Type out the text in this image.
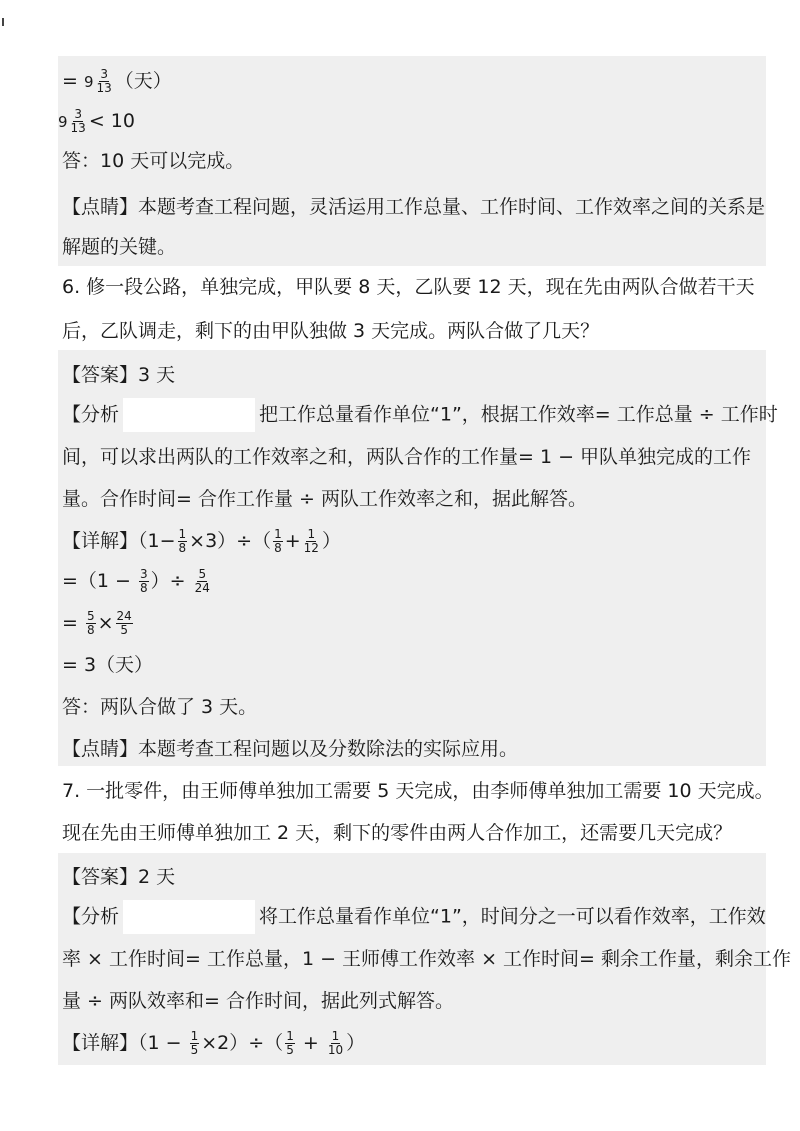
= $9 \frac{3}{13}$ （天）
$9 \frac{3}{13} < 10$
答：10 天可以完成。
【点睛】本题考查工程问题，灵活运用工作总量、工作时间、工作效率之间的关系是
解题的关键。
6. 修一段公路，单独完成，甲队要 8 天，乙队要 12 天，现在先由两队合做若干天
后，乙队调走，剩下的由甲队独做 3 天完成。两队合做了几天？
【答案】3 天
【分析	把工作总量看作单位“1”，根据工作效率= 工作总量 ÷ 工作时
间，可以求出两队的工作效率之和，两队合作的工作量= 1 − 甲队单独完成的工作
量。合作时间= 合作工作量 ÷ 两队工作效率之和，据此解答。
【详解】$(1- \frac{1}{8} \times 3)\div( \frac{1}{8} + \frac{1}{12}$ ）
$=(1 - \frac{3}{8}$ ）÷ $\frac{5}{24}$
= $\frac{5}{8} \times \frac{24}{5}$
= 3（天）
答：两队合做了 3 天。
【点睛】本题考查工程问题以及分数除法的实际应用。
7. 一批零件，由王师傅单独加工需要 5 天完成，由李师傅单独加工需要 10 天完成。
现在先由王师傅单独加工 2 天，剩下的零件由两人合作加工，还需要几天完成？
【答案】2 天
【分析	将工作总量看作单位“1”，时间分之一可以看作效率，工作效
率 × 工作时间= 工作总量，1 − 王师傅工作效率 × 工作时间= 剩余工作量，剩余工作
量 ÷ 两队效率和= 合作时间，据此列式解答。
【详解】$(1 - \frac{1}{5} \times 2)\div( \frac{1}{5} + \frac{1}{10}$ ）
